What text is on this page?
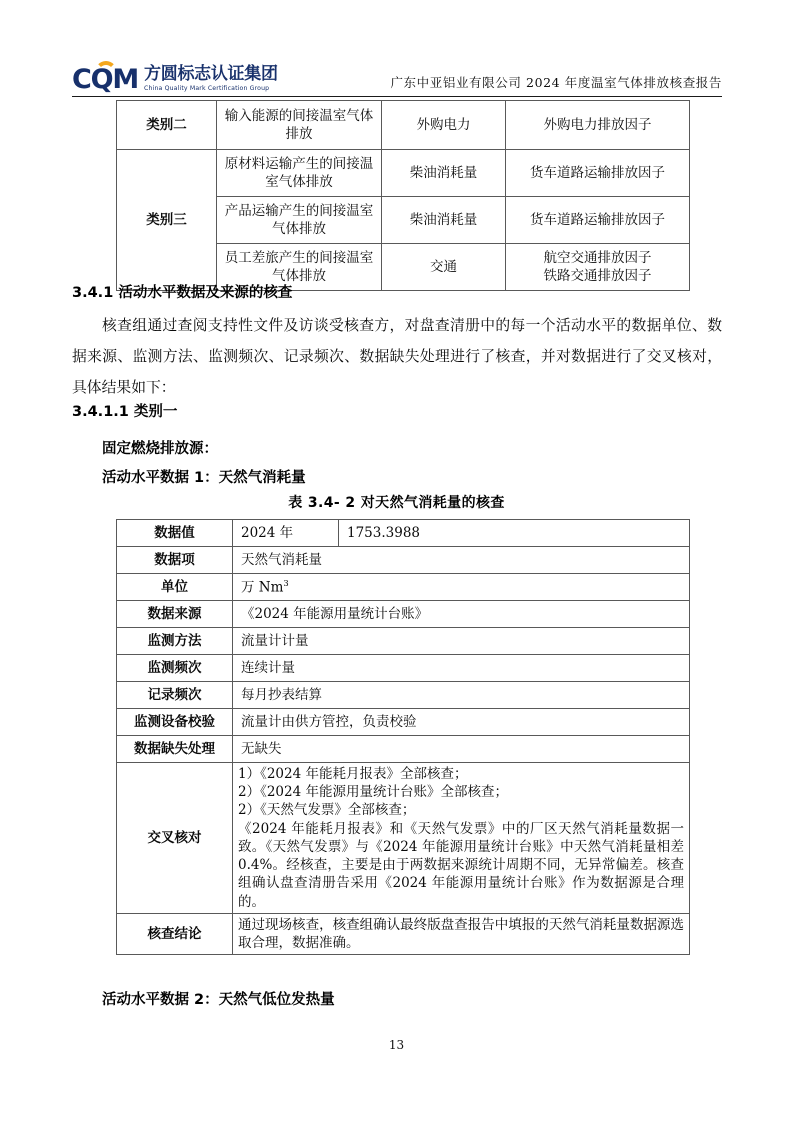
CQM 方圆标志认证集团
China Quality Mark Certification Group	广东中亚铝业有限公司 2024 年度温室气体排放核查报告
类别二	输入能源的间接温室气体排放	外购电力	外购电力排放因子
类别三	原材料运输产生的间接温室气体排放	柴油消耗量	货车道路运输排放因子
	产品运输产生的间接温室气体排放	柴油消耗量	货车道路运输排放因子
	员工差旅产生的间接温室气体排放	交通	航空交通排放因子
铁路交通排放因子
3.4.1 活动水平数据及来源的核查
核查组通过查阅支持性文件及访谈受核查方，对盘查清册中的每一个活动水平的数据单位、数据来源、监测方法、监测频次、记录频次、数据缺失处理进行了核查，并对数据进行了交叉核对，具体结果如下：
3.4.1.1 类别一
固定燃烧排放源：
活动水平数据 1：天然气消耗量
表 3.4- 2 对天然气消耗量的核查
数据值	2024 年	1753.3988
数据项	天然气消耗量	
单位	万 Nm$^3$
数据来源	《2024 年能源用量统计台账》	
监测方法	流量计计量	
监测频次	连续计量	
记录频次	每月抄表结算	
监测设备校验	流量计由供方管控，负责校验	
数据缺失处理	无缺失	
交叉核对	1）《2024 年能耗月报表》全部核查；
2）《2024 年能源用量统计台账》全部核查；
2）《天然气发票》全部核查；

《2024 年能耗月报表》和《天然气发票》中的厂区天然气消耗量数据一致。《天然气发票》与《2024 年能源用量统计台账》中天然气消耗量相差 0.4%。经核查，主要是由于两数据来源统计周期不同，无异常偏差。核查组确认盘查清册告采用《2024 年能源用量统计台账》作为数据源是合理的。	

核查结论	通过现场核查，核查组确认最终版盘查报告中填报的天然气消耗量数据源选取合理，数据准确。	
活动水平数据 2：天然气低位发热量
13
